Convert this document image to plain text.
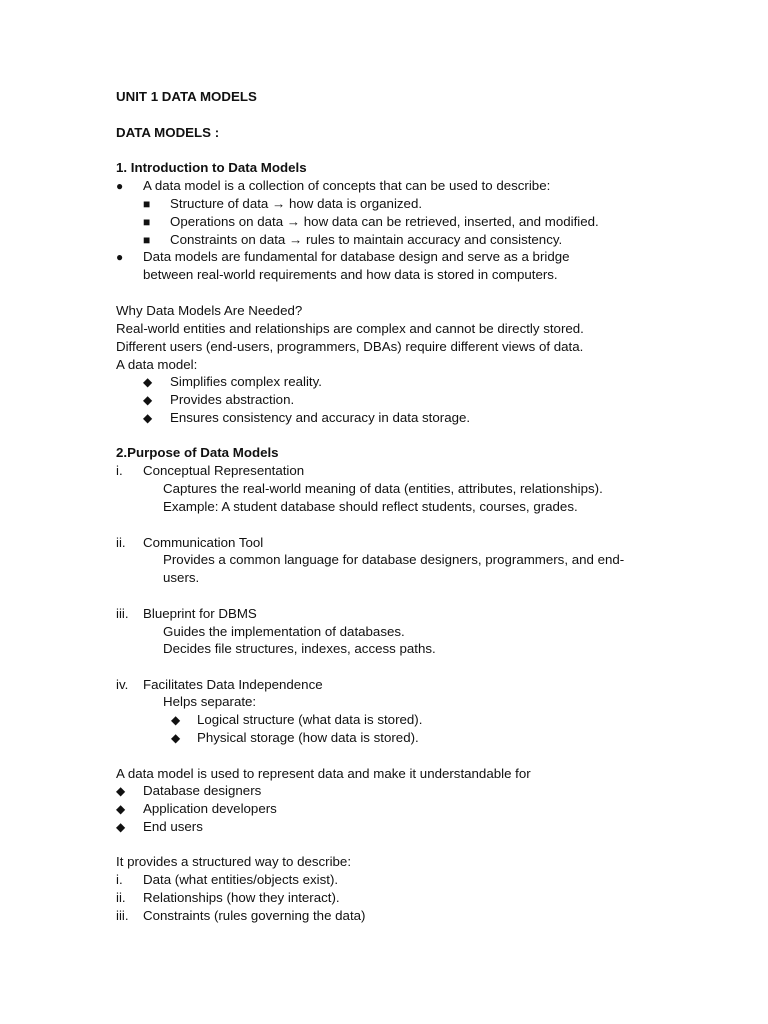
UNIT 1 DATA MODELS
DATA MODELS :
1. Introduction to Data Models
● A data model is a collection of concepts that can be used to describe:
■ Structure of data → how data is organized.
■ Operations on data → how data can be retrieved, inserted, and modified.
■ Constraints on data → rules to maintain accuracy and consistency.
● Data models are fundamental for database design and serve as a bridge
between real-world requirements and how data is stored in computers.
Why Data Models Are Needed?
Real-world entities and relationships are complex and cannot be directly stored.
Different users (end-users, programmers, DBAs) require different views of data.
A data model:
◆ Simplifies complex reality.
◆ Provides abstraction.
◆ Ensures consistency and accuracy in data storage.
2.Purpose of Data Models
i. Conceptual Representation
Captures the real-world meaning of data (entities, attributes, relationships).
Example: A student database should reflect students, courses, grades.
ii. Communication Tool
Provides a common language for database designers, programmers, and end-
users.
iii. Blueprint for DBMS
Guides the implementation of databases.
Decides file structures, indexes, access paths.
iv. Facilitates Data Independence
Helps separate:
◆ Logical structure (what data is stored).
◆ Physical storage (how data is stored).
A data model is used to represent data and make it understandable for
◆ Database designers
◆ Application developers
◆ End users
It provides a structured way to describe:
i. Data (what entities/objects exist).
ii. Relationships (how they interact).
iii. Constraints (rules governing the data)
